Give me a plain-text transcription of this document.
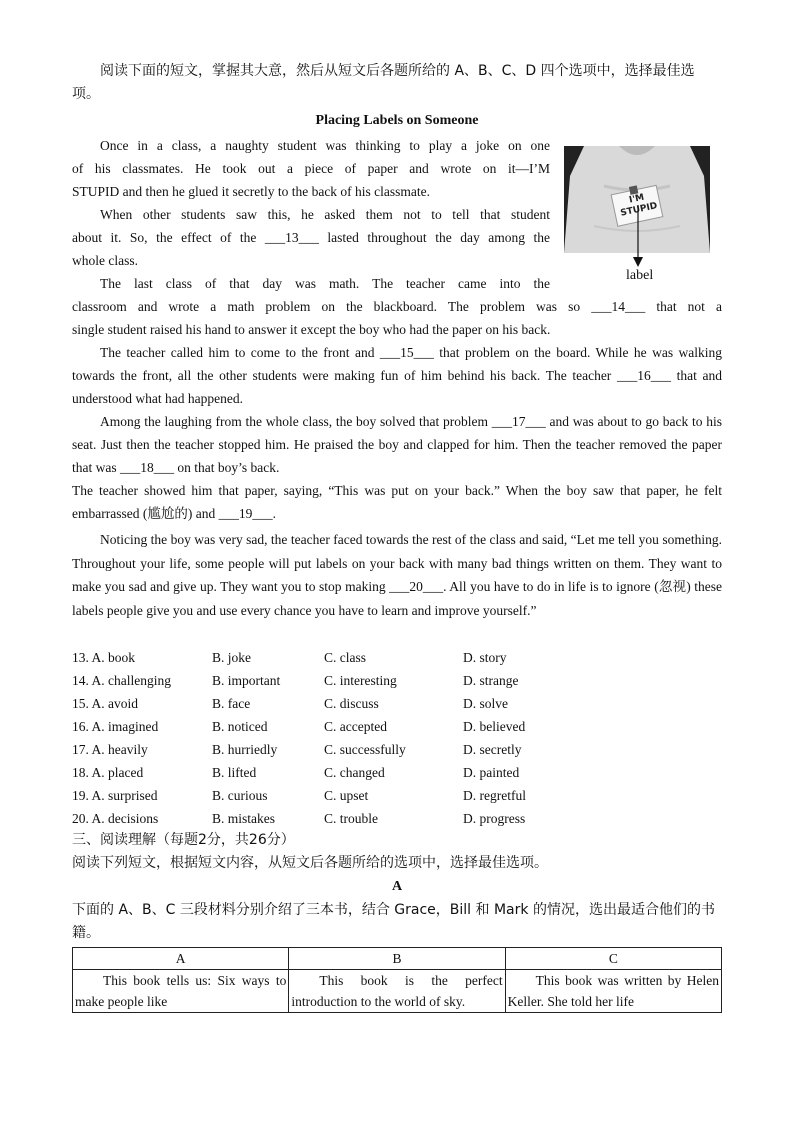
阅读下面的短文，掌握其大意，然后从短文后各题所给的 A、B、C、D 四个选项中，选择最佳选项。
Placing Labels on Someone
Once in a class, a naughty student was thinking to play a joke on one
of his classmates. He took out a piece of paper and wrote on it—I’M
STUPID and then he glued it secretly to the back of his classmate.
When other students saw this, he asked them not to tell that student
about it. So, the effect of the ___13___ lasted throughout the day among the
whole class.
The last class of that day was math. The teacher came into the
classroom and wrote a math problem on the blackboard. The problem was so ___14___ that not a
single student raised his hand to answer it except the boy who had the paper on his back.
The teacher called him to come to the front and ___15___ that problem on the board. While he was walking towards the front, all the other students were making fun of him behind his back. The teacher ___16___ that and understood what had happened.
Among the laughing from the whole class, the boy solved that problem ___17___ and was about to go back to his seat. Just then the teacher stopped him. He praised the boy and clapped for him. Then the teacher removed the paper that was ___18___ on that boy’s back.
The teacher showed him that paper, saying, “This was put on your back.” When the boy saw that paper, he felt embarrassed (尴尬的) and ___19___.
Noticing the boy was very sad, the teacher faced towards the rest of the class and said, “Let me tell you something. Throughout your life, some people will put labels on your back with many bad things written on them. They want to make you sad and give up. They want you to stop making ___20___. All you have to do in life is to ignore (忽视) these labels people give you and use every chance you have to learn and improve yourself.”
I'M STUPID
label
13. A. book	B. joke	C. class	D. story
14. A. challenging	B. important	C. interesting	D. strange
15. A. avoid	B. face	C. discuss	D. solve
16. A. imagined	B. noticed	C. accepted	D. believed
17. A. heavily	B. hurriedly	C. successfully	D. secretly
18. A. placed	B. lifted	C. changed	D. painted
19. A. surprised	B. curious	C. upset	D. regretful
20. A. decisions	B. mistakes	C. trouble	D. progress
三、阅读理解（每题2分，共26分）
阅读下列短文，根据短文内容，从短文后各题所给的选项中，选择最佳选项。
A
下面的 A、B、C 三段材料分别介绍了三本书，结合 Grace，Bill 和 Mark 的情况，选出最适合他们的书籍。
A	B	C
This book tells us: Six ways to make people like	This book is the perfect introduction to the world of sky.	This book was written by Helen Keller. She told her life
